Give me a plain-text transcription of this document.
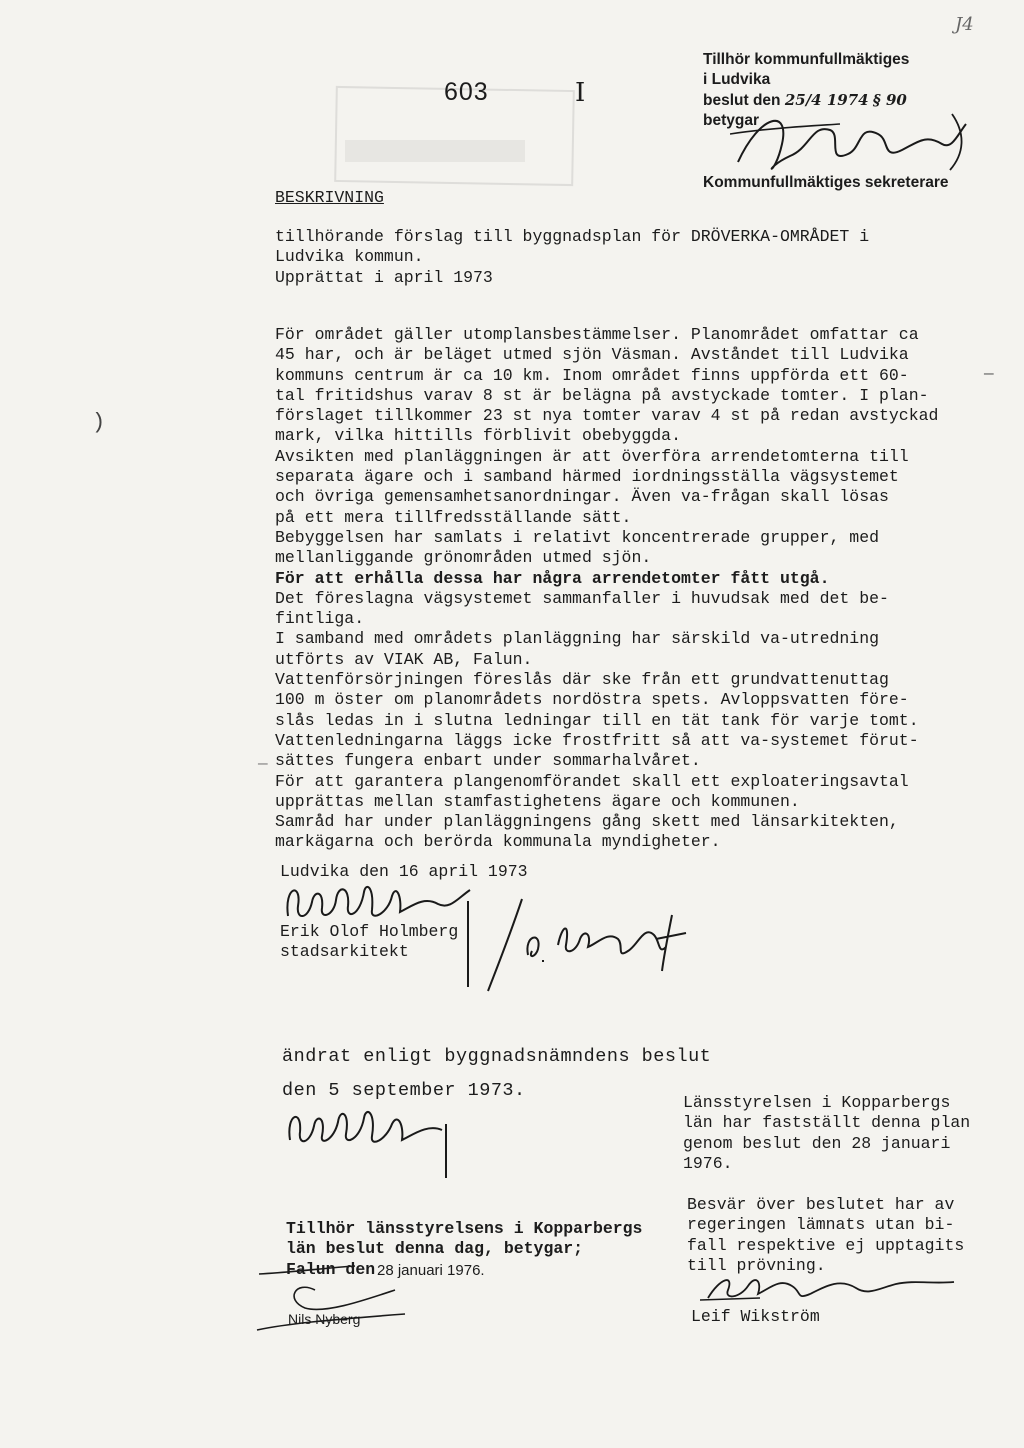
J4
603	I
Tillhör kommunfullmäktiges
i Ludvika
beslut den 25/4 1974 § 90
betygar
Kommunfullmäktiges sekreterare
BESKRIVNING
tillhörande förslag till byggnadsplan för DRÖVERKA-OMRÅDET i
Ludvika kommun.
Upprättat i april 1973
För området gäller utomplansbestämmelser. Planområdet omfattar ca
45 har, och är beläget utmed sjön Väsman. Avståndet till Ludvika
kommuns centrum är ca 10 km. Inom området finns uppförda ett 60-
tal fritidshus varav 8 st är belägna på avstyckade tomter. I plan-
förslaget tillkommer 23 st nya tomter varav 4 st på redan avstyckad
mark, vilka hittills förblivit obebyggda.
Avsikten med planläggningen är att överföra arrendetomterna till
separata ägare och i samband härmed iordningsställa vägsystemet
och övriga gemensamhetsanordningar. Även va-frågan skall lösas
på ett mera tillfredsställande sätt.
Bebyggelsen har samlats i relativt koncentrerade grupper, med
mellanliggande grönområden utmed sjön.
För att erhålla dessa har några arrendetomter fått utgå.
Det föreslagna vägsystemet sammanfaller i huvudsak med det be-
fintliga.
I samband med områdets planläggning har särskild va-utredning
utförts av VIAK AB, Falun.
Vattenförsörjningen föreslås där ske från ett grundvattenuttag
100 m öster om planområdets nordöstra spets. Avloppsvatten före-
slås ledas in i slutna ledningar till en tät tank för varje tomt.
Vattenledningarna läggs icke frostfritt så att va-systemet förut-
sättes fungera enbart under sommarhalvåret.
För att garantera plangenomförandet skall ett exploateringsavtal
upprättas mellan stamfastighetens ägare och kommunen.
Samråd har under planläggningens gång skett med länsarkitekten,
markägarna och berörda kommunala myndigheter.
Ludvika den 16 april 1973
Erik Olof Holmberg
stadsarkitekt
ändrat enligt byggnadsnämndens beslut
den 5 september 1973.
Länsstyrelsen i Kopparbergs
län har fastställt denna plan
genom beslut den 28 januari
1976.
Besvär över beslutet har av
regeringen lämnats utan bi-
fall respektive ej upptagits
till prövning.
Leif Wikström
Tillhör länsstyrelsens i Kopparbergs
län beslut denna dag, betygar;
Falun den 28 januari 1976.
Nils Nyberg
)
—
—
